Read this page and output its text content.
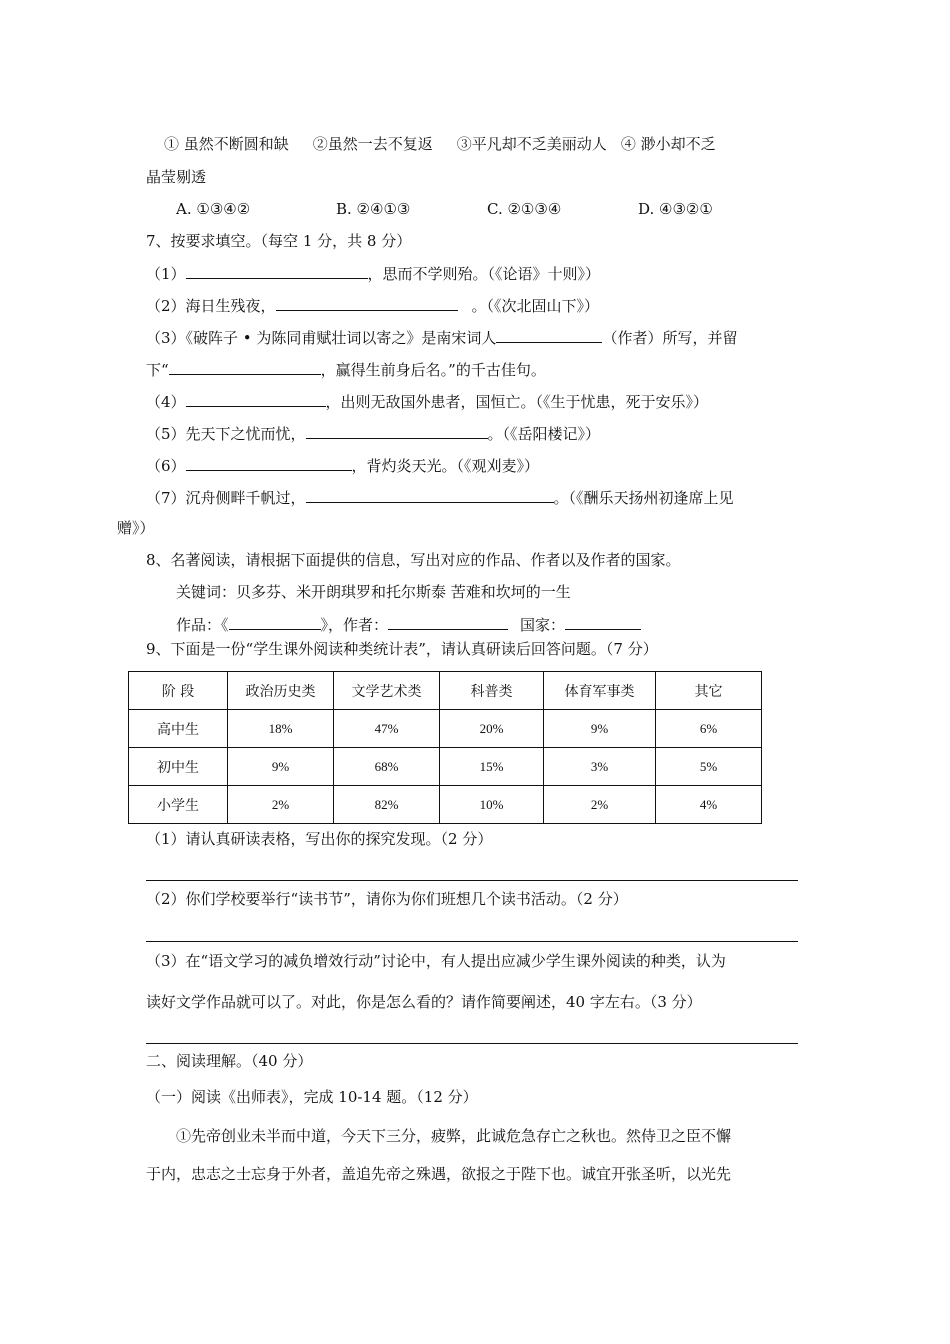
① 虽然不断圆和缺 ②虽然一去不复返 ③平凡却不乏美丽动人 ④ 渺小却不乏
晶莹剔透
A. ①③④②	B. ②④①③	C. ②①③④	D. ④③②①
7、按要求填空。（每空 1 分，共 8 分）
（1）	，思而不学则殆。（《论语》十则》）
（2）海日生残夜，	。（《次北固山下》）
（3）《破阵子 • 为陈同甫赋壮词以寄之》是南宋词人	（作者）所写，并留
下“	，赢得生前身后名。”的千古佳句。
（4）	，出则无敌国外患者，国恒亡。（《生于忧患，死于安乐》）
（5）先天下之忧而忧，	。（《岳阳楼记》）
（6）	，背灼炎天光。（《观刈麦》）
（7）沉舟侧畔千帆过，	。（《酬乐天扬州初逢席上见
赠》）
8、名著阅读，请根据下面提供的信息，写出对应的作品、作者以及作者的国家。
关键词：贝多芬、米开朗琪罗和托尔斯泰 苦难和坎坷的一生
作品：《	》，作者：	国家：
9、下面是一份“学生课外阅读种类统计表”，请认真研读后回答问题。（7 分）
阶 段	政治历史类	文学艺术类	科普类	体育军事类	其它
高中生	18%	47%	20%	9%	6%
初中生	9%	68%	15%	3%	5%
小学生	2%	82%	10%	2%	4%
（1）请认真研读表格，写出你的探究发现。（2 分）
（2）你们学校要举行“读书节”，请你为你们班想几个读书活动。（2 分）
（3）在“语文学习的减负增效行动”讨论中，有人提出应减少学生课外阅读的种类，认为
读好文学作品就可以了。对此，你是怎么看的？请作简要阐述，40 字左右。（3 分）
二、阅读理解。（40 分）
（一）阅读《出师表》，完成 10-14 题。（12 分）
①先帝创业未半而中道，今天下三分，疲弊，此诚危急存亡之秋也。然侍卫之臣不懈
于内，忠志之士忘身于外者，盖追先帝之殊遇，欲报之于陛下也。诚宜开张圣听，以光先
